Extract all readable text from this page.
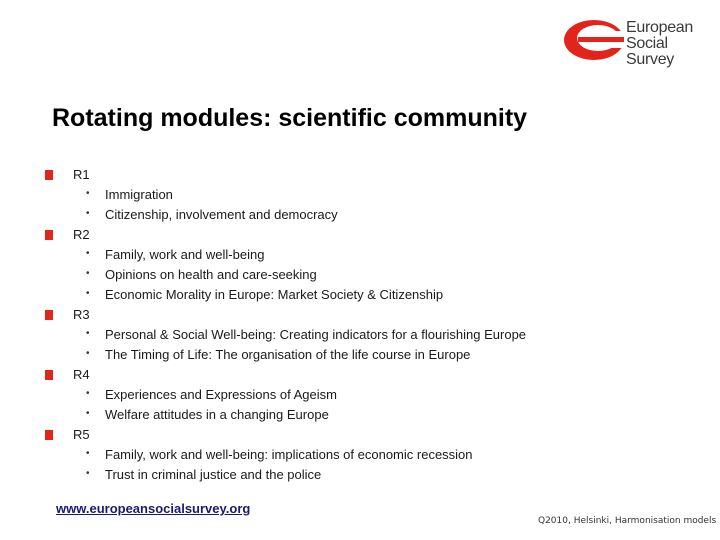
European
Social
Survey
Rotating modules: scientific community
R1
• Immigration
• Citizenship, involvement and democracy
R2
• Family, work and well-being
• Opinions on health and care-seeking
• Economic Morality in Europe: Market Society & Citizenship
R3
• Personal & Social Well-being: Creating indicators for a flourishing Europe
• The Timing of Life: The organisation of the life course in Europe
R4
• Experiences and Expressions of Ageism
• Welfare attitudes in a changing Europe
R5
• Family, work and well-being: implications of economic recession
• Trust in criminal justice and the police
www.europeansocialsurvey.org
Q2010, Helsinki, Harmonisation models
